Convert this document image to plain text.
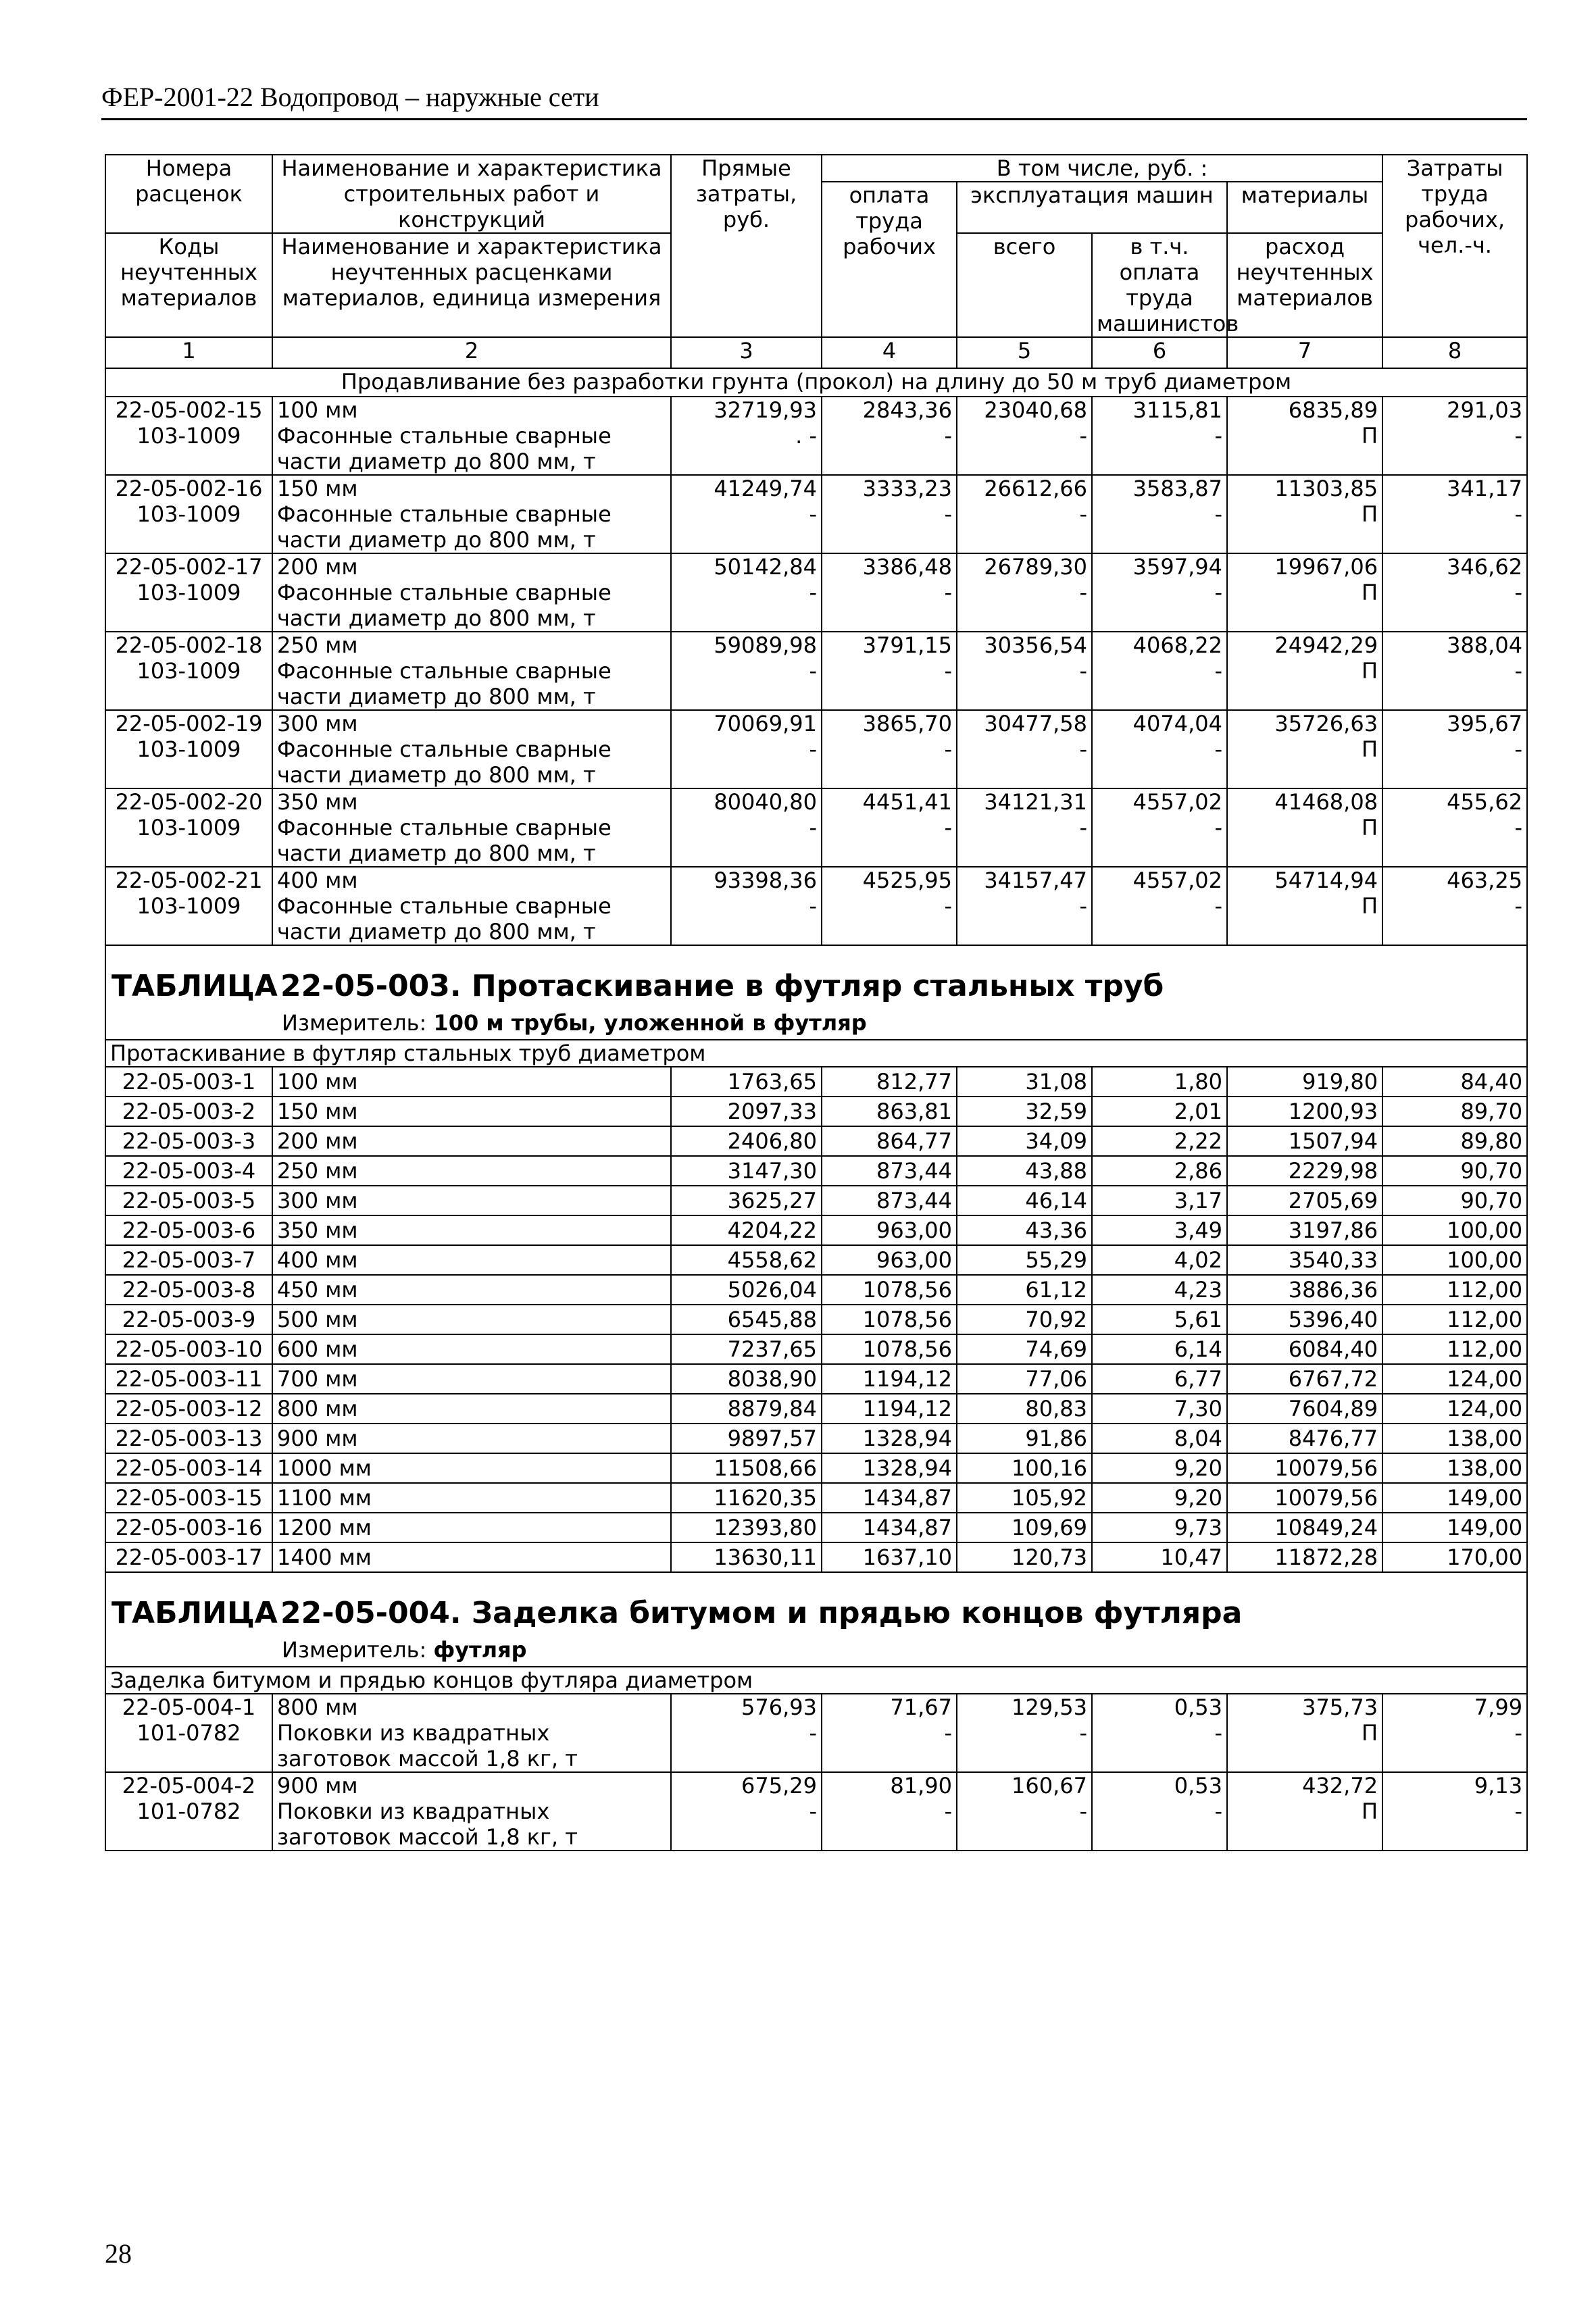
ФЕР-2001-22 Водопровод – наружные сети
Номера расценок	Наименование и характеристика строительных работ и конструкций	Прямые затраты, руб.	В том числе, руб. :				Затраты труда рабочих, чел.-ч.
			оплата труда рабочих	эксплуатация машин		материалы	
Коды неучтенных материалов	Наименование и характеристика неучтенных расценками материалов, единица измерения			всего	в т.ч. оплата труда машинистов	расход неучтенных материалов	

1	2	3	4	5	6	7	8
Продавливание без разработки грунта (прокол) на длину до 50 м труб диаметром							
22-05-002-15	100 мм	32719,93	2843,36	23040,68	3115,81	6835,89	291,03
103-1009	Фасонные стальные сварные части диаметр до 800 мм, т	. -	-	-	-	П	-
22-05-002-16	150 мм	41249,74	3333,23	26612,66	3583,87	11303,85	341,17
103-1009	Фасонные стальные сварные части диаметр до 800 мм, т	-	-	-	-	П	-
22-05-002-17	200 мм	50142,84	3386,48	26789,30	3597,94	19967,06	346,62
103-1009	Фасонные стальные сварные части диаметр до 800 мм, т	-	-	-	-	П	-
22-05-002-18	250 мм	59089,98	3791,15	30356,54	4068,22	24942,29	388,04
103-1009	Фасонные стальные сварные части диаметр до 800 мм, т	-	-	-	-	П	-
22-05-002-19	300 мм	70069,91	3865,70	30477,58	4074,04	35726,63	395,67
103-1009	Фасонные стальные сварные части диаметр до 800 мм, т	-	-	-	-	П	-
22-05-002-20	350 мм	80040,80	4451,41	34121,31	4557,02	41468,08	455,62
103-1009	Фасонные стальные сварные части диаметр до 800 мм, т	-	-	-	-	П	-
22-05-002-21	400 мм	93398,36	4525,95	34157,47	4557,02	54714,94	463,25
103-1009	Фасонные стальные сварные части диаметр до 800 мм, т	-	-	-	-	П	-

ТАБЛИЦА22-05-003. Протаскивание в футляр стальных труб
Измеритель: 100 м трубы, уложенной в футляр							

Протаскивание в футляр стальных труб диаметром							
22-05-003-1	100 мм	1763,65	812,77	31,08	1,80	919,80	84,40
22-05-003-2	150 мм	2097,33	863,81	32,59	2,01	1200,93	89,70
22-05-003-3	200 мм	2406,80	864,77	34,09	2,22	1507,94	89,80
22-05-003-4	250 мм	3147,30	873,44	43,88	2,86	2229,98	90,70
22-05-003-5	300 мм	3625,27	873,44	46,14	3,17	2705,69	90,70
22-05-003-6	350 мм	4204,22	963,00	43,36	3,49	3197,86	100,00
22-05-003-7	400 мм	4558,62	963,00	55,29	4,02	3540,33	100,00
22-05-003-8	450 мм	5026,04	1078,56	61,12	4,23	3886,36	112,00
22-05-003-9	500 мм	6545,88	1078,56	70,92	5,61	5396,40	112,00
22-05-003-10	600 мм	7237,65	1078,56	74,69	6,14	6084,40	112,00
22-05-003-11	700 мм	8038,90	1194,12	77,06	6,77	6767,72	124,00
22-05-003-12	800 мм	8879,84	1194,12	80,83	7,30	7604,89	124,00
22-05-003-13	900 мм	9897,57	1328,94	91,86	8,04	8476,77	138,00
22-05-003-14	1000 мм	11508,66	1328,94	100,16	9,20	10079,56	138,00
22-05-003-15	1100 мм	11620,35	1434,87	105,92	9,20	10079,56	149,00
22-05-003-16	1200 мм	12393,80	1434,87	109,69	9,73	10849,24	149,00
22-05-003-17	1400 мм	13630,11	1637,10	120,73	10,47	11872,28	170,00

ТАБЛИЦА22-05-004. Заделка битумом и прядью концов футляра
Измеритель: футляр							

Заделка битумом и прядью концов футляра диаметром							
22-05-004-1	800 мм	576,93	71,67	129,53	0,53	375,73	7,99
101-0782	Поковки из квадратных заготовок массой 1,8 кг, т	-	-	-	-	П	-
22-05-004-2	900 мм	675,29	81,90	160,67	0,53	432,72	9,13
101-0782	Поковки из квадратных заготовок массой 1,8 кг, т	-	-	-	-	П	-
28
